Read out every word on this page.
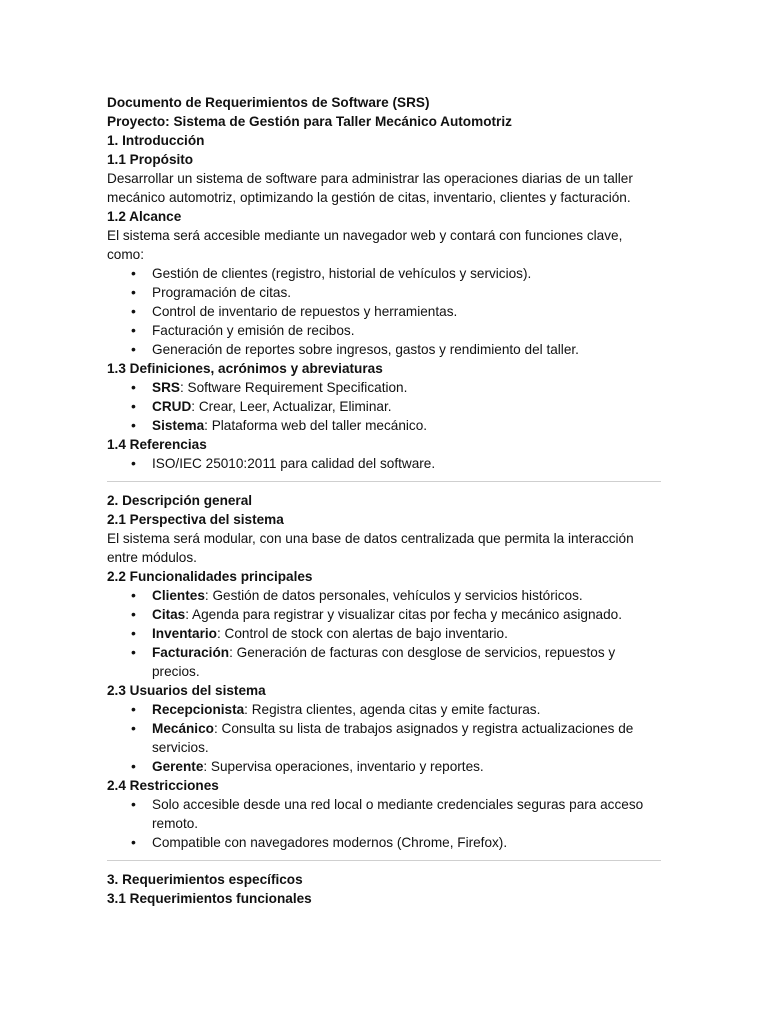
Documento de Requerimientos de Software (SRS)

Proyecto: Sistema de Gestión para Taller Mecánico Automotriz

1. Introducción

1.1 Propósito

Desarrollar un sistema de software para administrar las operaciones diarias de un taller mecánico automotriz, optimizando la gestión de citas, inventario, clientes y facturación.

1.2 Alcance

El sistema será accesible mediante un navegador web y contará con funciones clave, como:

• Gestión de clientes (registro, historial de vehículos y servicios).
• Programación de citas.
• Control de inventario de repuestos y herramientas.
• Facturación y emisión de recibos.
• Generación de reportes sobre ingresos, gastos y rendimiento del taller.

1.3 Definiciones, acrónimos y abreviaturas

• SRS: Software Requirement Specification.
• CRUD: Crear, Leer, Actualizar, Eliminar.
• Sistema: Plataforma web del taller mecánico.

1.4 Referencias

• ISO/IEC 25010:2011 para calidad del software.

2. Descripción general

2.1 Perspectiva del sistema

El sistema será modular, con una base de datos centralizada que permita la interacción entre módulos.

2.2 Funcionalidades principales

• Clientes: Gestión de datos personales, vehículos y servicios históricos.
• Citas: Agenda para registrar y visualizar citas por fecha y mecánico asignado.
• Inventario: Control de stock con alertas de bajo inventario.
• Facturación: Generación de facturas con desglose de servicios, repuestos y precios.

2.3 Usuarios del sistema

• Recepcionista: Registra clientes, agenda citas y emite facturas.
• Mecánico: Consulta su lista de trabajos asignados y registra actualizaciones de servicios.
• Gerente: Supervisa operaciones, inventario y reportes.

2.4 Restricciones

• Solo accesible desde una red local o mediante credenciales seguras para acceso remoto.
• Compatible con navegadores modernos (Chrome, Firefox).

3. Requerimientos específicos

3.1 Requerimientos funcionales
